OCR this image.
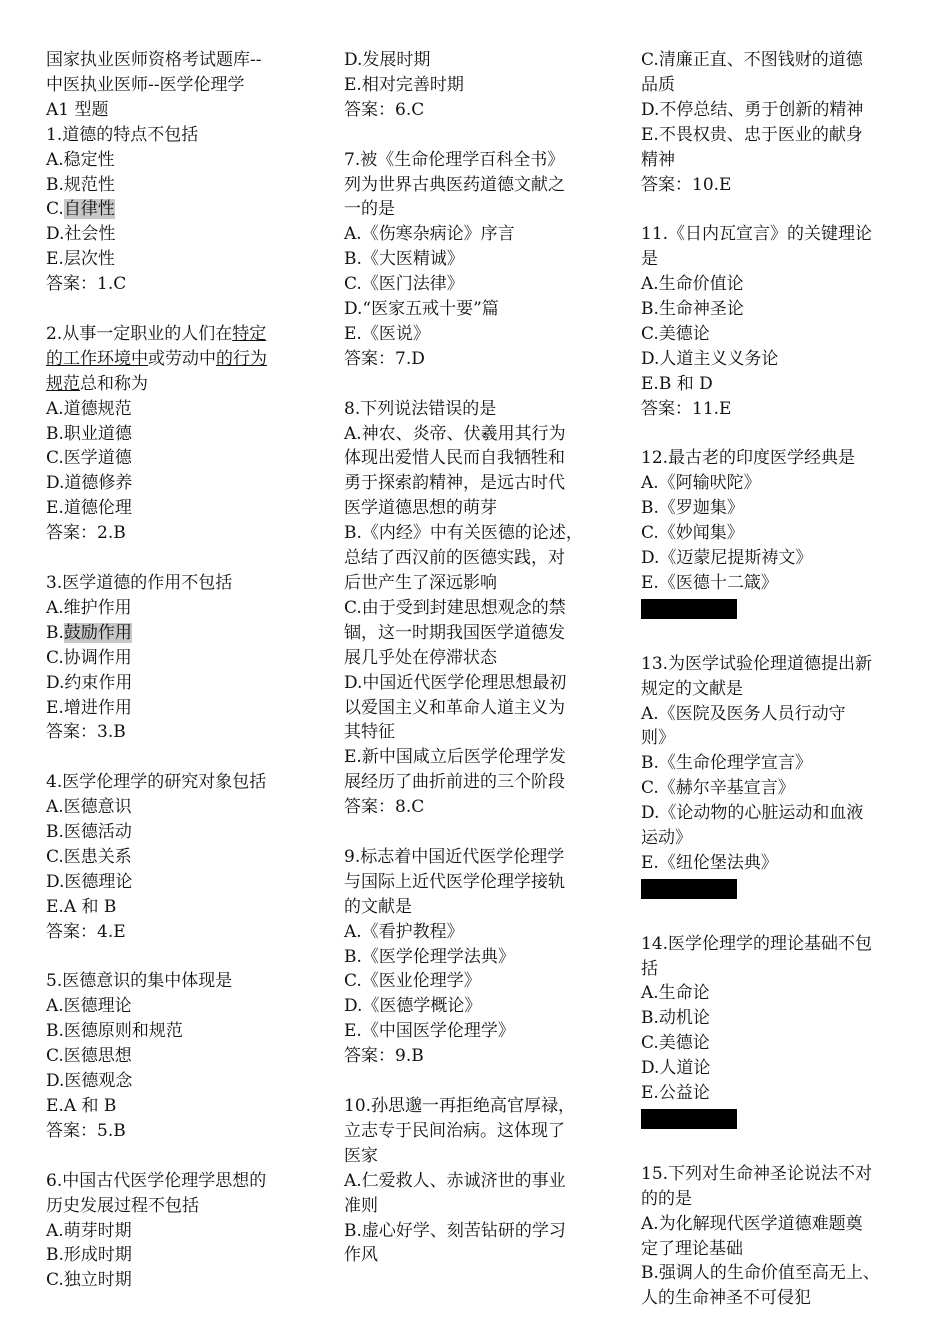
国家执业医师资格考试题库--
中医执业医师--医学伦理学
A1 型题
1.道德的特点不包括
A.稳定性
B.规范性
C.自律性
D.社会性
E.层次性
答案：1.C
2.从事一定职业的人们在特定
的工作环境中或劳动中的行为
规范总和称为
A.道德规范
B.职业道德
C.医学道德
D.道德修养
E.道德伦理
答案：2.B
3.医学道德的作用不包括
A.维护作用
B.鼓励作用
C.协调作用
D.约束作用
E.增进作用
答案：3.B
4.医学伦理学的研究对象包括
A.医德意识
B.医德活动
C.医患关系
D.医德理论
E.A 和 B
答案：4.E
5.医德意识的集中体现是
A.医德理论
B.医德原则和规范
C.医德思想
D.医德观念
E.A 和 B
答案：5.B
6.中国古代医学伦理学思想的
历史发展过程不包括
A.萌芽时期
B.形成时期
C.独立时期
D.发展时期
E.相对完善时期
答案：6.C
7.被《生命伦理学百科全书》
列为世界古典医药道德文献之
一的是
A.《伤寒杂病论》序言
B.《大医精诚》
C.《医门法律》
D.“医家五戒十要”篇
E.《医说》
答案：7.D
8.下列说法错误的是
A.神农、炎帝、伏羲用其行为
体现出爱惜人民而自我牺牲和
勇于探索韵精神，是远古时代
医学道德思想的萌芽
B.《内经》中有关医德的论述，
总结了西汉前的医德实践，对
后世产生了深远影响
C.由于受到封建思想观念的禁
锢，这一时期我国医学道德发
展几乎处在停滞状态
D.中国近代医学伦理思想最初
以爱国主义和革命人道主义为
其特征
E.新中国咸立后医学伦理学发
展经历了曲折前进的三个阶段
答案：8.C
9.标志着中国近代医学伦理学
与国际上近代医学伦理学接轨
的文献是
A.《看护教程》
B.《医学伦理学法典》
C.《医业伦理学》
D.《医德学概论》
E.《中国医学伦理学》
答案：9.B
10.孙思邈一再拒绝高官厚禄，
立志专于民间治病。这体现了
医家
A.仁爱救人、赤诚济世的事业
准则
B.虚心好学、刻苦钻研的学习
作风
C.清廉正直、不图钱财的道德
品质
D.不停总结、勇于创新的精神
E.不畏权贵、忠于医业的献身
精神
答案：10.E
11.《日内瓦宣言》的关键理论
是
A.生命价值论
B.生命神圣论
C.美德论
D.人道主义义务论
E.B 和 D
答案：11.E
12.最古老的印度医学经典是
A.《阿输吠陀》
B.《罗迦集》
C.《妙闻集》
D.《迈蒙尼提斯祷文》
E.《医德十二箴》
13.为医学试验伦理道德提出新
规定的文献是
A.《医院及医务人员行动守
则》
B.《生命伦理学宣言》
C.《赫尔辛基宣言》
D.《论动物的心脏运动和血液
运动》
E.《纽伦堡法典》
14.医学伦理学的理论基础不包
括
A.生命论
B.动机论
C.美德论
D.人道论
E.公益论
15.下列对生命神圣论说法不对
的的是
A.为化解现代医学道德难题奠
定了理论基础
B.强调人的生命价值至高无上、
人的生命神圣不可侵犯
